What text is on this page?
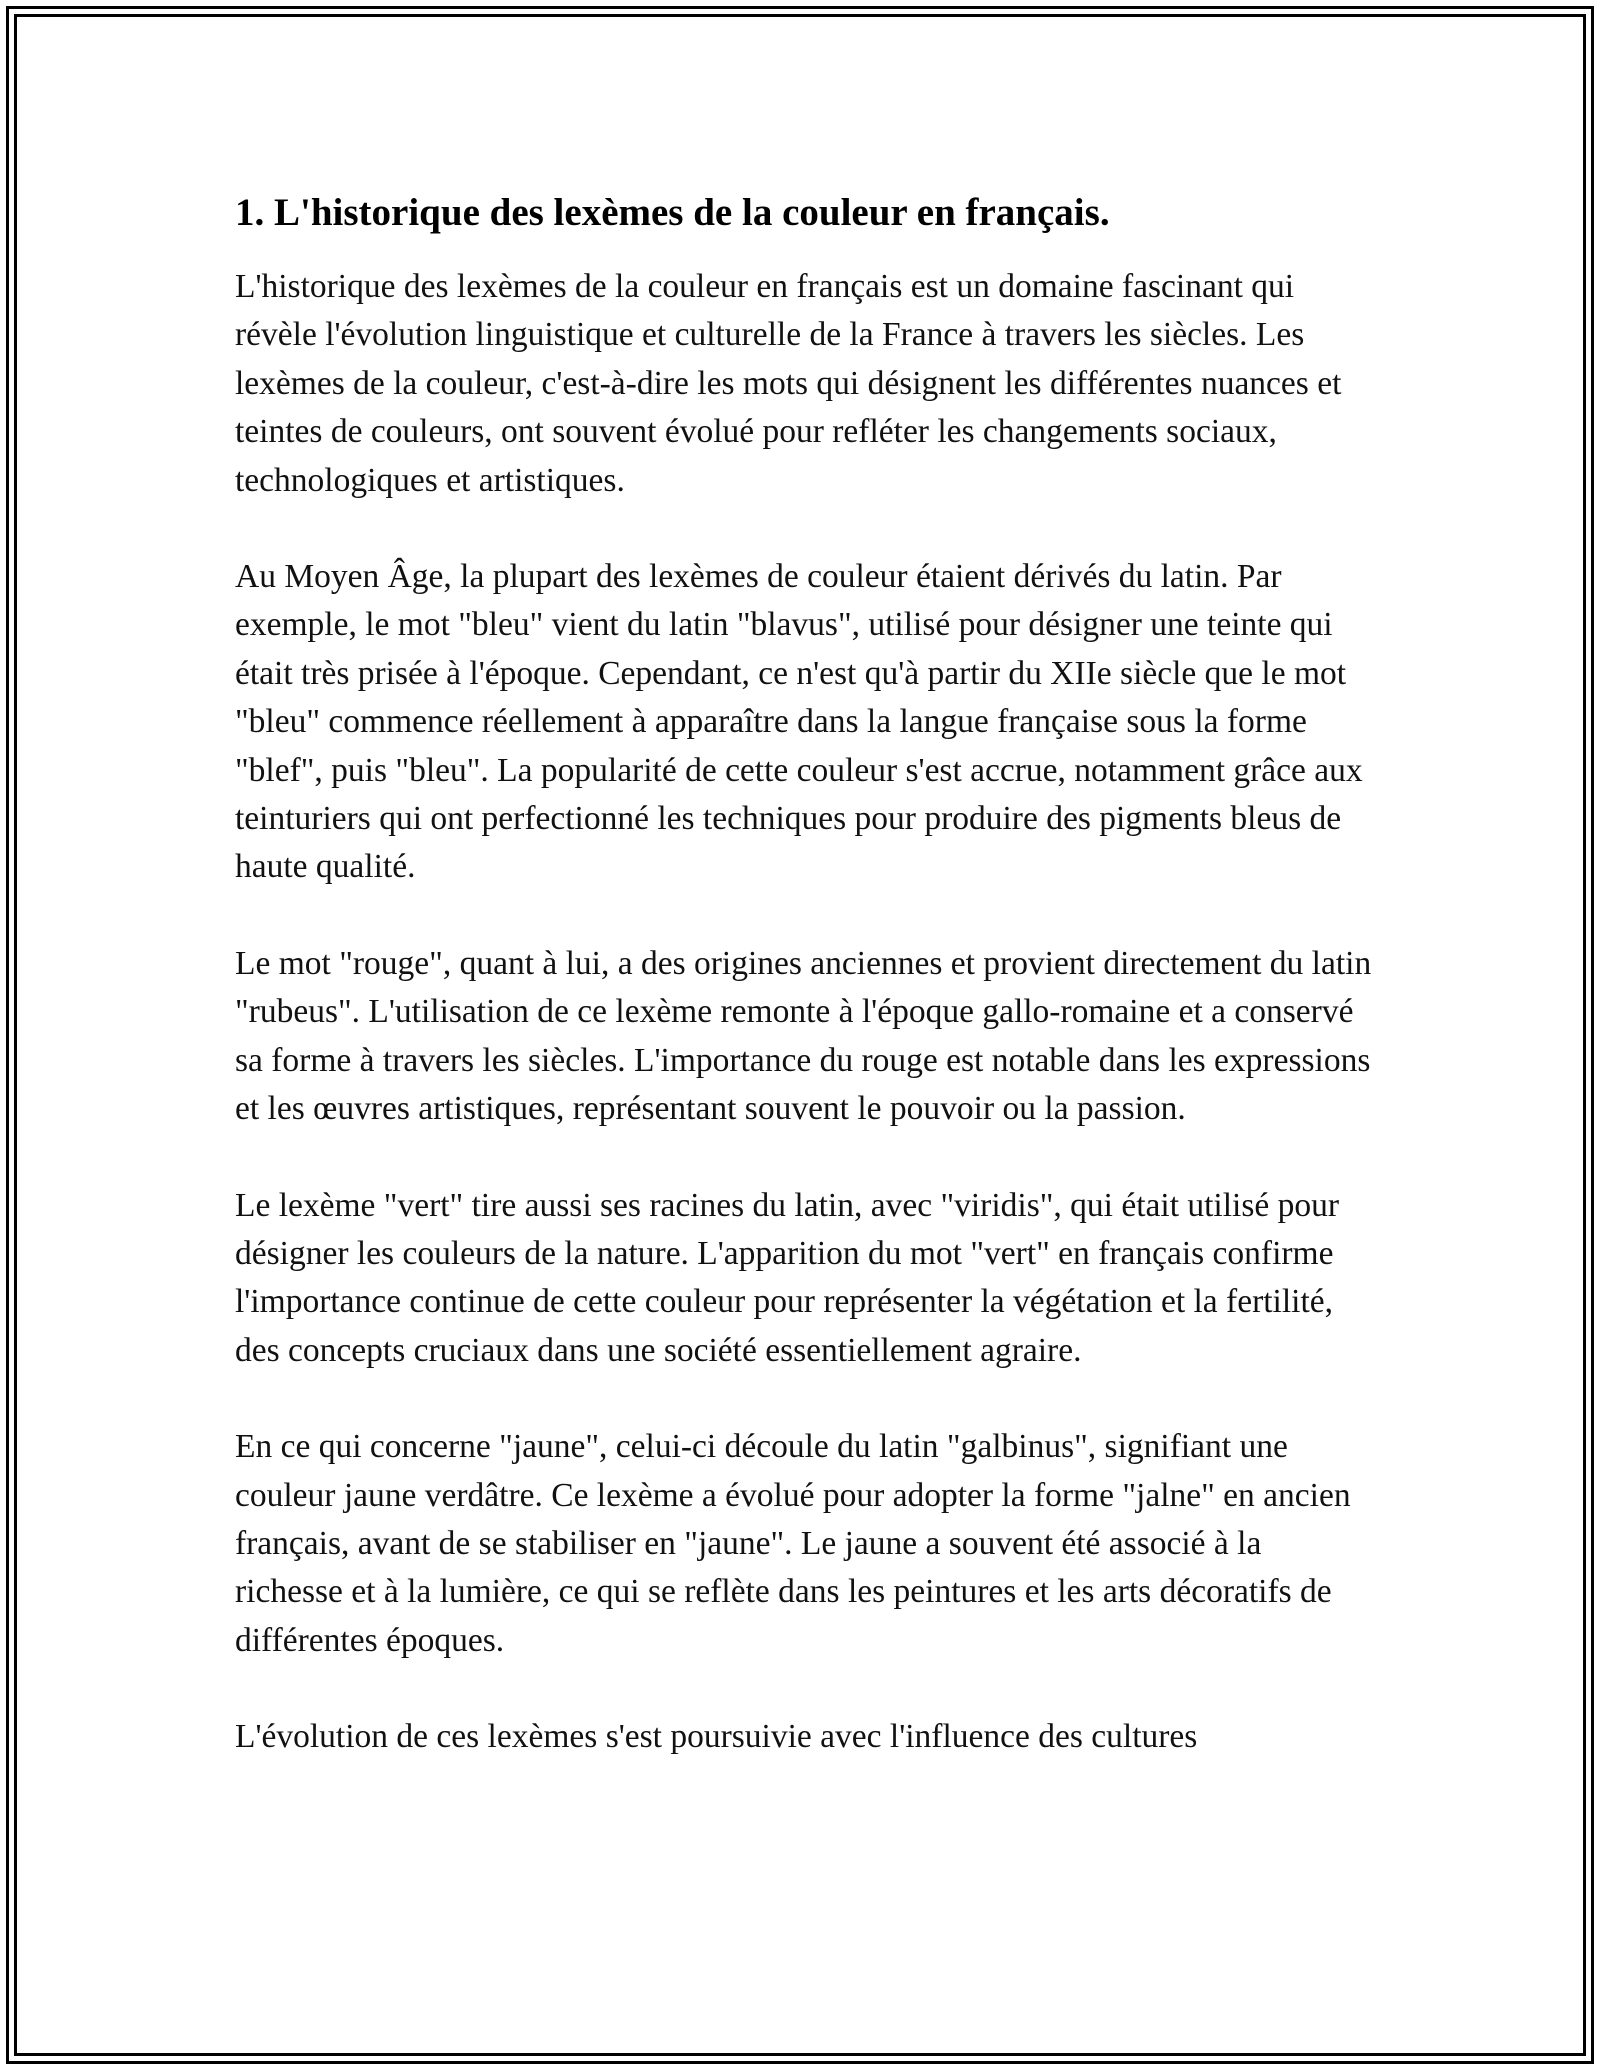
1. L'historique des lexèmes de la couleur en français.

L'historique des lexèmes de la couleur en français est un domaine fascinant qui révèle l'évolution linguistique et culturelle de la France à travers les siècles. Les lexèmes de la couleur, c'est-à-dire les mots qui désignent les différentes nuances et teintes de couleurs, ont souvent évolué pour refléter les changements sociaux, technologiques et artistiques.

Au Moyen Âge, la plupart des lexèmes de couleur étaient dérivés du latin. Par exemple, le mot "bleu" vient du latin "blavus", utilisé pour désigner une teinte qui était très prisée à l'époque. Cependant, ce n'est qu'à partir du XIIe siècle que le mot "bleu" commence réellement à apparaître dans la langue française sous la forme "blef", puis "bleu". La popularité de cette couleur s'est accrue, notamment grâce aux teinturiers qui ont perfectionné les techniques pour produire des pigments bleus de haute qualité.

Le mot "rouge", quant à lui, a des origines anciennes et provient directement du latin "rubeus". L'utilisation de ce lexème remonte à l'époque gallo-romaine et a conservé sa forme à travers les siècles. L'importance du rouge est notable dans les expressions et les œuvres artistiques, représentant souvent le pouvoir ou la passion.

Le lexème "vert" tire aussi ses racines du latin, avec "viridis", qui était utilisé pour désigner les couleurs de la nature. L'apparition du mot "vert" en français confirme l'importance continue de cette couleur pour représenter la végétation et la fertilité, des concepts cruciaux dans une société essentiellement agraire.

En ce qui concerne "jaune", celui-ci découle du latin "galbinus", signifiant une couleur jaune verdâtre. Ce lexème a évolué pour adopter la forme "jalne" en ancien français, avant de se stabiliser en "jaune". Le jaune a souvent été associé à la richesse et à la lumière, ce qui se reflète dans les peintures et les arts décoratifs de différentes époques.

L'évolution de ces lexèmes s'est poursuivie avec l'influence des cultures
